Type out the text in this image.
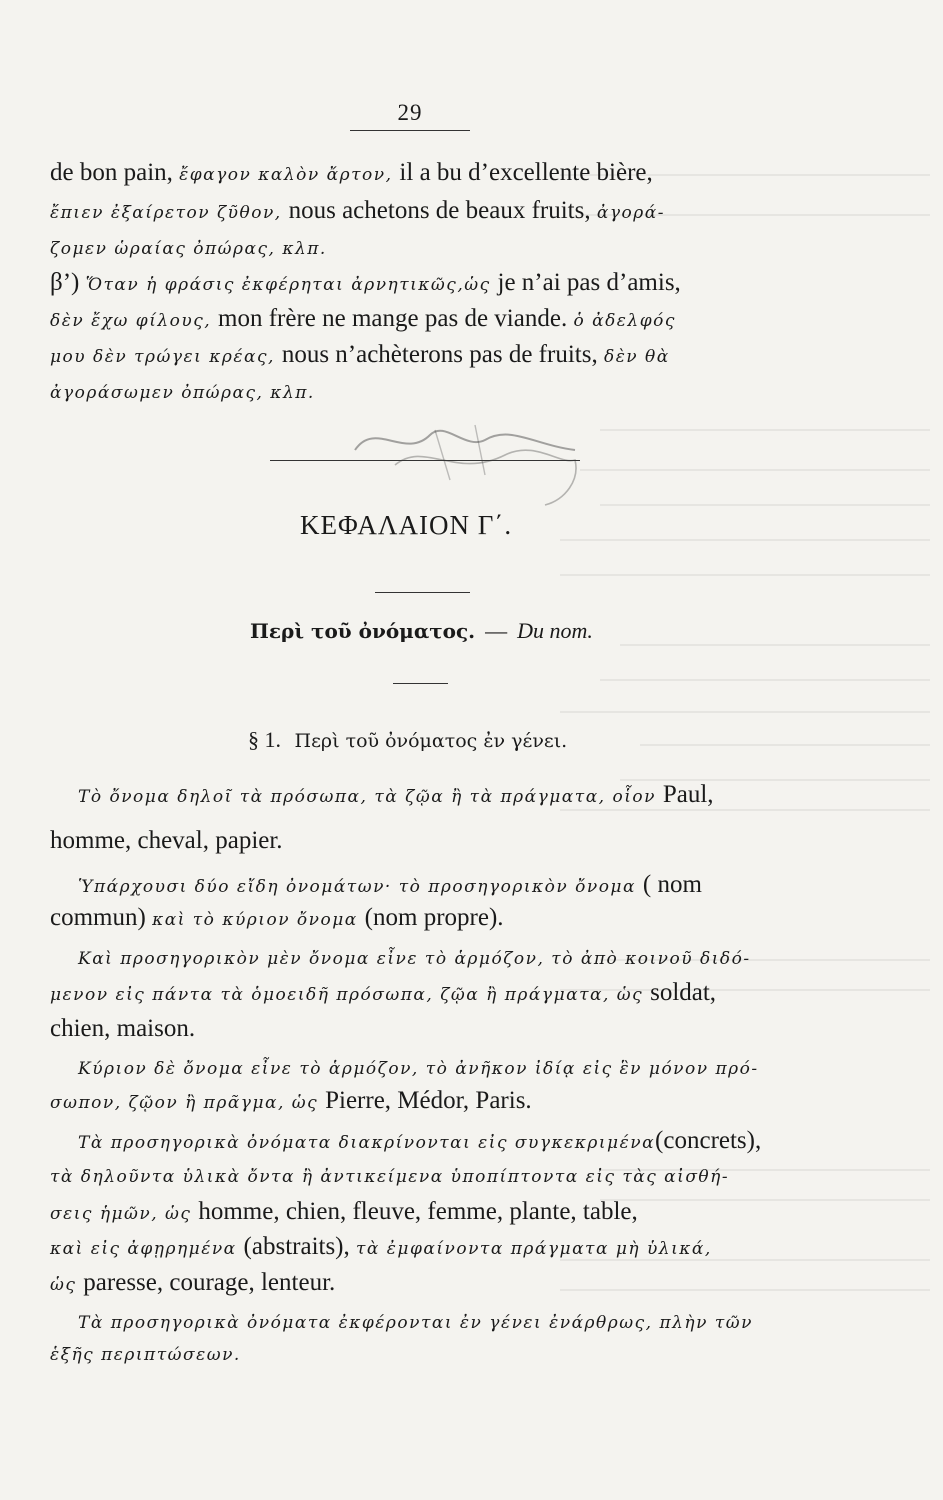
29
de bon pain, ἔφαγον καλὸν ἄρτον, il a bu d’excellente bière,
ἔπιεν ἐξαίρετον ζῦθον, nous achetons de beaux fruits, ἀγορά-
ζομεν ὡραίας ὀπώρας, κλπ.
β’) Ὅταν ἡ φράσις ἐκφέρηται ἀρνητικῶς,ὡς je n’ai pas d’amis,
δὲν ἔχω φίλους, mon frère ne mange pas de viande. ὁ ἀδελφός
μου δὲν τρώγει κρέας, nous n’achèterons pas de fruits, δὲν θὰ
ἀγοράσωμεν ὀπώρας, κλπ.
ΚΕΦΑΛΑΙΟΝ Γ΄.
Περὶ τοῦ ὀνόματος. — Du nom.
§ 1. Περὶ τοῦ ὀνόματος ἐν γένει.
Τὸ ὄνομα δηλοῖ τὰ πρόσωπα, τὰ ζῷα ἢ τὰ πράγματα, οἷον Paul,
homme, cheval, papier.
Ὑπάρχουσι δύο εἴδη ὀνομάτων· τὸ προσηγορικὸν ὄνομα ( nom
commun) καὶ τὸ κύριον ὄνομα (nom propre).
Καὶ προσηγορικὸν μὲν ὄνομα εἶνε τὸ ἁρμόζον, τὸ ἀπὸ κοινοῦ διδό-
μενον εἰς πάντα τὰ ὁμοειδῆ πρόσωπα, ζῷα ἢ πράγματα, ὡς soldat,
chien, maison.
Κύριον δὲ ὄνομα εἶνε τὸ ἁρμόζον, τὸ ἀνῆκον ἰδίᾳ εἰς ἓν μόνον πρό-
σωπον, ζῷον ἢ πρᾶγμα, ὡς Pierre, Médor, Paris.
Τὰ προσηγορικὰ ὀνόματα διακρίνονται εἰς συγκεκριμένα(concrets),
τὰ δηλοῦντα ὑλικὰ ὄντα ἢ ἀντικείμενα ὑποπίπτοντα εἰς τὰς αἰσθή-
σεις ἡμῶν, ὡς homme, chien, fleuve, femme, plante, table,
καὶ εἰς ἀφῃρημένα (abstraits), τὰ ἐμφαίνοντα πράγματα μὴ ὑλικά,
ὡς paresse, courage, lenteur.
Τὰ προσηγορικὰ ὀνόματα ἐκφέρονται ἐν γένει ἐνάρθρως, πλὴν τῶν
ἑξῆς περιπτώσεων.
